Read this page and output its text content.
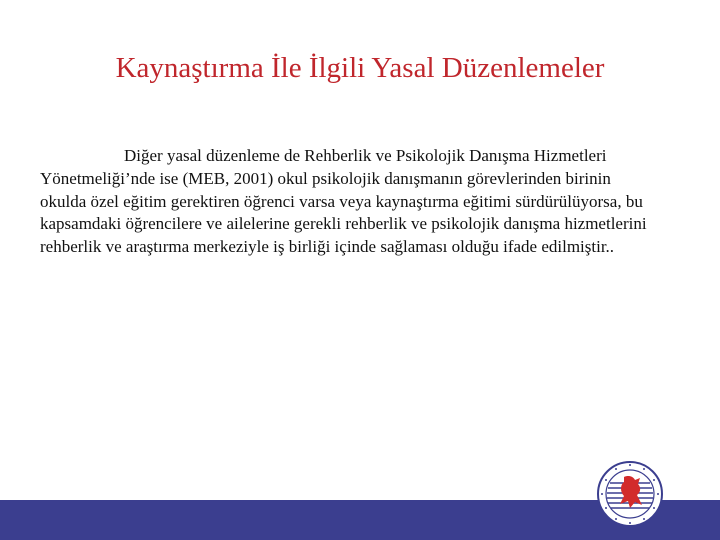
Kaynaştırma İle İlgili Yasal Düzenlemeler

Diğer yasal düzenleme de Rehberlik ve Psikolojik Danışma Hizmetleri Yönetmeliği’nde ise (MEB, 2001) okul psikolojik danışmanın görevlerinden birinin okulda özel eğitim gerektiren öğrenci varsa veya kaynaştırma eğitimi sürdürülüyorsa, bu kapsamdaki öğrencilere ve ailelerine gerekli rehberlik ve psikolojik danışma hizmetlerini rehberlik ve araştırma merkeziyle iş birliği içinde sağlaması olduğu ifade edilmiştir..
